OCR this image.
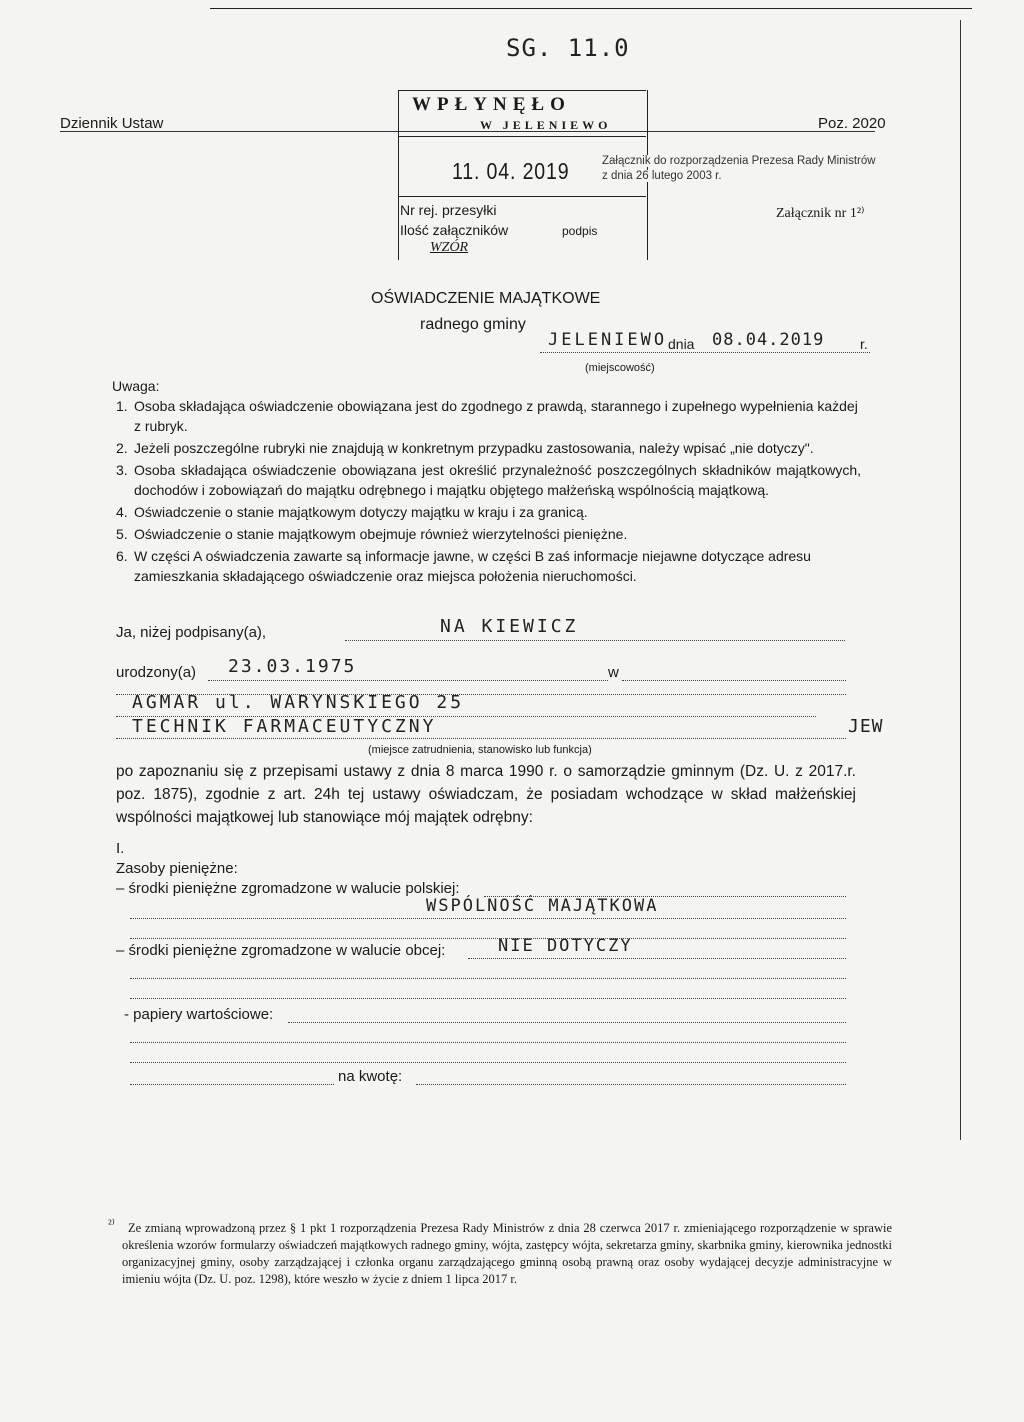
SG. 11.0
Dziennik Ustaw	Poz. 2020
WPŁYNĘŁO
W JELENIEWO
11. 04. 2019
Nr rej. przesyłki
Ilość załączników	podpis
WZÓR
Załącznik do rozporządzenia Prezesa Rady Ministrów
z dnia 26 lutego 2003 r.
Załącznik nr 1²⁾
OŚWIADCZENIE MAJĄTKOWE
radnego gminy
JELENIEWO dnia 08.04.2019	r.
(miejscowość)
Uwaga:
1. Osoba składająca oświadczenie obowiązana jest do zgodnego z prawdą, starannego i zupełnego wypełnienia każdej z rubryk.
2. Jeżeli poszczególne rubryki nie znajdują w konkretnym przypadku zastosowania, należy wpisać „nie dotyczy".
3. Osoba składająca oświadczenie obowiązana jest określić przynależność poszczególnych składników majątkowych, dochodów i zobowiązań do majątku odrębnego i majątku objętego małżeńską wspólnością majątkową.
4. Oświadczenie o stanie majątkowym dotyczy majątku w kraju i za granicą.
5. Oświadczenie o stanie majątkowym obejmuje również wierzytelności pieniężne.
6. W części A oświadczenia zawarte są informacje jawne, w części B zaś informacje niejawne dotyczące adresu zamieszkania składającego oświadczenie oraz miejsca położenia nieruchomości.
Ja, niżej podpisany(a),	NA KIEWICZ
urodzony(a) 23.03.1975	w
AGMAR ul. WARYNSKIEGO 25
TECHNIK FARMACEUTYCZNY	JEW
(miejsce zatrudnienia, stanowisko lub funkcja)
po zapoznaniu się z przepisami ustawy z dnia 8 marca 1990 r. o samorządzie gminnym (Dz. U. z 2017.r. poz. 1875), zgodnie z art. 24h tej ustawy oświadczam, że posiadam wchodzące w skład małżeńskiej wspólności majątkowej lub stanowiące mój majątek odrębny:
I.
Zasoby pieniężne:
– środki pieniężne zgromadzone w walucie polskiej:
WSPÓLNOŚĆ MAJĄTKOWA
– środki pieniężne zgromadzone w walucie obcej:	NIE DOTYCZY
- papiery wartościowe:
na kwotę:
²⁾	Ze zmianą wprowadzoną przez § 1 pkt 1 rozporządzenia Prezesa Rady Ministrów z dnia 28 czerwca 2017 r. zmieniającego rozporządzenie w sprawie określenia wzorów formularzy oświadczeń majątkowych radnego gminy, wójta, zastępcy wójta, sekretarza gminy, skarbnika gminy, kierownika jednostki organizacyjnej gminy, osoby zarządzającej i członka organu zarządzającego gminną osobą prawną oraz osoby wydającej decyzje administracyjne w imieniu wójta (Dz. U. poz. 1298), które weszło w życie z dniem 1 lipca 2017 r.
